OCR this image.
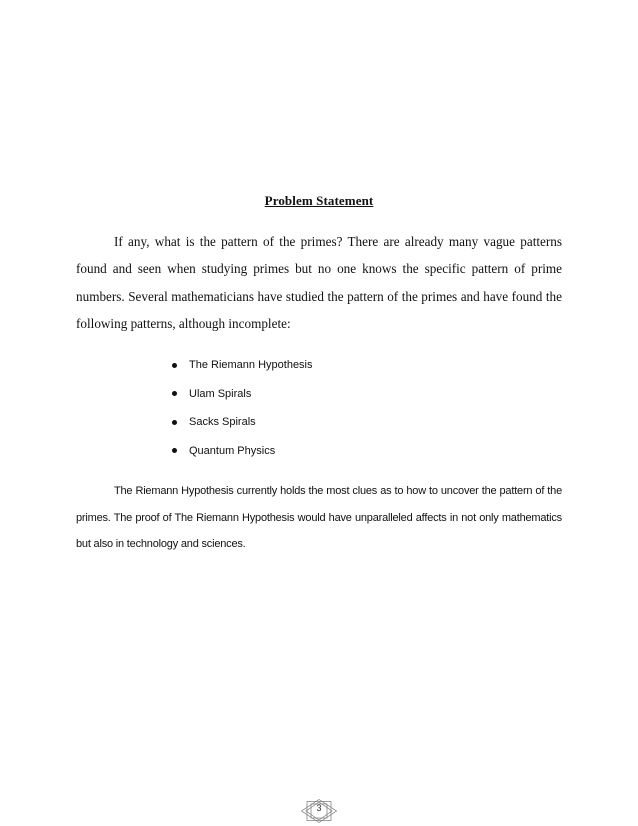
Problem Statement

If any, what is the pattern of the primes? There are already many vague patterns found and seen when studying primes but no one knows the specific pattern of prime numbers. Several mathematicians have studied the pattern of the primes and have found the following patterns, although incomplete:

The Riemann Hypothesis
Ulam Spirals
Sacks Spirals
Quantum Physics

The Riemann Hypothesis currently holds the most clues as to how to uncover the pattern of the primes. The proof of The Riemann Hypothesis would have unparalleled affects in not only mathematics but also in technology and sciences.

3
